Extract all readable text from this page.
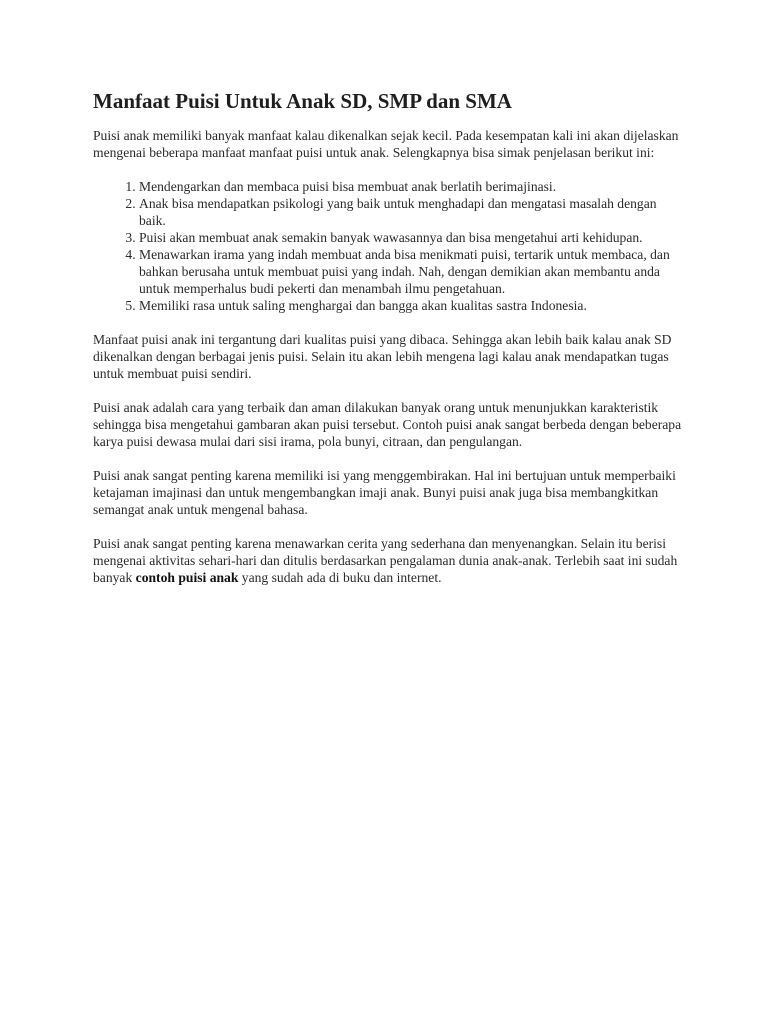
Manfaat Puisi Untuk Anak SD, SMP dan SMA

Puisi anak memiliki banyak manfaat kalau dikenalkan sejak kecil. Pada kesempatan kali ini akan dijelaskan mengenai beberapa manfaat manfaat puisi untuk anak. Selengkapnya bisa simak penjelasan berikut ini:

1. Mendengarkan dan membaca puisi bisa membuat anak berlatih berimajinasi.
2. Anak bisa mendapatkan psikologi yang baik untuk menghadapi dan mengatasi masalah dengan baik.
3. Puisi akan membuat anak semakin banyak wawasannya dan bisa mengetahui arti kehidupan.
4. Menawarkan irama yang indah membuat anda bisa menikmati puisi, tertarik untuk membaca, dan bahkan berusaha untuk membuat puisi yang indah. Nah, dengan demikian akan membantu anda untuk memperhalus budi pekerti dan menambah ilmu pengetahuan.
5. Memiliki rasa untuk saling menghargai dan bangga akan kualitas sastra Indonesia.

Manfaat puisi anak ini tergantung dari kualitas puisi yang dibaca. Sehingga akan lebih baik kalau anak SD dikenalkan dengan berbagai jenis puisi. Selain itu akan lebih mengena lagi kalau anak mendapatkan tugas untuk membuat puisi sendiri.

Puisi anak adalah cara yang terbaik dan aman dilakukan banyak orang untuk menunjukkan karakteristik sehingga bisa mengetahui gambaran akan puisi tersebut. Contoh puisi anak sangat berbeda dengan beberapa karya puisi dewasa mulai dari sisi irama, pola bunyi, citraan, dan pengulangan.

Puisi anak sangat penting karena memiliki isi yang menggembirakan. Hal ini bertujuan untuk memperbaiki ketajaman imajinasi dan untuk mengembangkan imaji anak. Bunyi puisi anak juga bisa membangkitkan semangat anak untuk mengenal bahasa.

Puisi anak sangat penting karena menawarkan cerita yang sederhana dan menyenangkan. Selain itu berisi mengenai aktivitas sehari-hari dan ditulis berdasarkan pengalaman dunia anak-anak. Terlebih saat ini sudah banyak contoh puisi anak yang sudah ada di buku dan internet.
